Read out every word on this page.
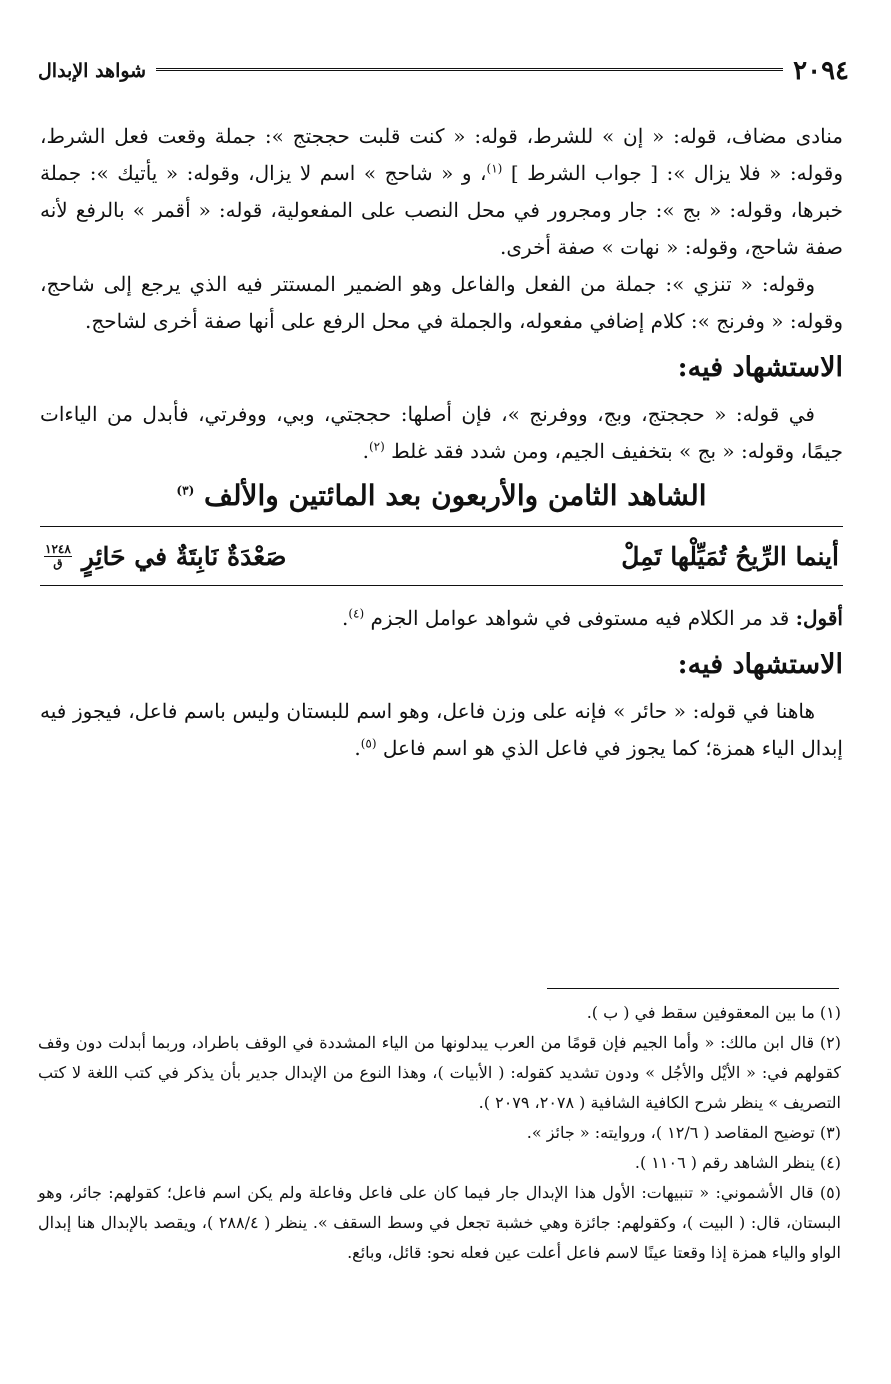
٢٠٩٤
شواهد الإبدال

منادى مضاف، قوله: « إن » للشرط، قوله: « كنت قلبت حججتج »: جملة وقعت فعل الشرط، وقوله: « فلا يزال »: [ جواب الشرط ] $^{(١)}$، و « شاحج » اسم لا يزال، وقوله: « يأتيك »: جملة خبرها، وقوله: « بج »: جار ومجرور في محل النصب على المفعولية، قوله: « أقمر » بالرفع لأنه صفة شاحج، وقوله: « نهات » صفة أخرى.

وقوله: « تنزي »: جملة من الفعل والفاعل وهو الضمير المستتر فيه الذي يرجع إلى شاحج، وقوله: « وفرنج »: كلام إضافي مفعوله، والجملة في محل الرفع على أنها صفة أخرى لشاحج.

الاستشهاد فيه:

في قوله: « حججتج، وبج، ووفرنج »، فإن أصلها: حججتي، وبي، ووفرتي، فأبدل من الياءات جيمًا، وقوله: « بج » بتخفيف الجيم، ومن شدد فقد غلط $^{(٢)}$.

الشاهد الثامن والأربعون بعد المائتين والألف $^{(٣)}$
أينما الرِّيحُ تُمَيِّلْها تَمِلْ
صَعْدَةٌ نَابِتَةٌ في حَائِرٍ
١٢٤٨
ق

أقول: قد مر الكلام فيه مستوفى في شواهد عوامل الجزم $^{(٤)}$.

الاستشهاد فيه:

هاهنا في قوله: « حائر » فإنه على وزن فاعل، وهو اسم للبستان وليس باسم فاعل، فيجوز فيه إبدال الياء همزة؛ كما يجوز في فاعل الذي هو اسم فاعل $^{(٥)}$.

(١) ما بين المعقوفين سقط في ( ب ).

(٢) قال ابن مالك: « وأما الجيم فإن قومًا من العرب يبدلونها من الياء المشددة في الوقف باطراد، وربما أبدلت دون وقف كقولهم في: « الأيْل والأجُل » ودون تشديد كقوله: ( الأبيات )، وهذا النوع من الإبدال جدير بأن يذكر في كتب اللغة لا كتب التصريف » ينظر شرح الكافية الشافية ( ٢٠٧٨، ٢٠٧٩ ).

(٣) توضيح المقاصد ( ١٢/٦ )، وروايته: « جائز ».

(٤) ينظر الشاهد رقم ( ١١٠٦ ).

(٥) قال الأشموني: « تنبيهات: الأول هذا الإبدال جار فيما كان على فاعل وفاعلة ولم يكن اسم فاعل؛ كقولهم: جائر، وهو البستان، قال: ( البيت )، وكقولهم: جائزة وهي خشبة تجعل في وسط السقف ». ينظر ( ٢٨٨/٤ )، ويقصد بالإبدال هنا إبدال الواو والياء همزة إذا وقعتا عينًا لاسم فاعل أعلت عين فعله نحو: قائل، وبائع.
